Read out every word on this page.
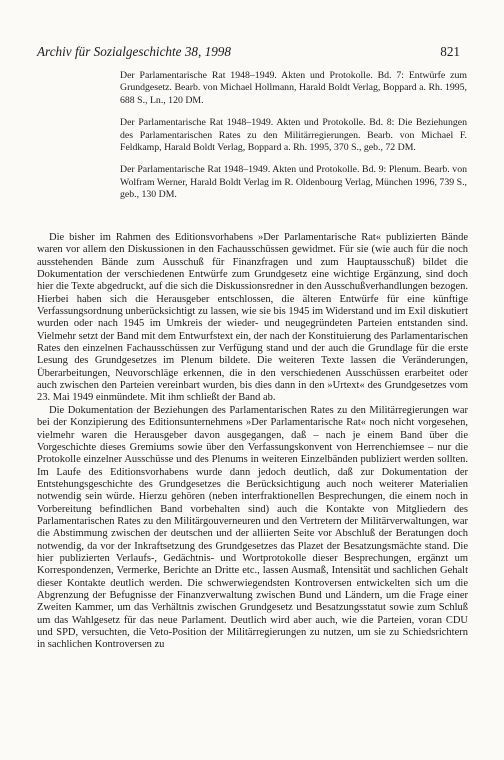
Archiv für Sozialgeschichte 38, 1998	821

Der Parlamentarische Rat 1948–1949. Akten und Protokolle. Bd. 7: Entwürfe zum Grundgesetz. Bearb. von Michael Hollmann, Harald Boldt Verlag, Boppard a. Rh. 1995, 688 S., Ln., 120 DM.

Der Parlamentarische Rat 1948–1949. Akten und Protokolle. Bd. 8: Die Beziehungen des Parlamentarischen Rates zu den Militärregierungen. Bearb. von Michael F. Feldkamp, Harald Boldt Verlag, Boppard a. Rh. 1995, 370 S., geb., 72 DM.

Der Parlamentarische Rat 1948–1949. Akten und Protokolle. Bd. 9: Plenum. Bearb. von Wolfram Werner, Harald Boldt Verlag im R. Oldenbourg Verlag, München 1996, 739 S., geb., 130 DM.

Die bisher im Rahmen des Editionsvorhabens »Der Parlamentarische Rat« publizierten Bände waren vor allem den Diskussionen in den Fachausschüssen gewidmet. Für sie (wie auch für die noch ausstehenden Bände zum Ausschuß für Finanzfragen und zum Hauptausschuß) bildet die Dokumentation der verschiedenen Entwürfe zum Grundgesetz eine wichtige Ergänzung, sind doch hier die Texte abgedruckt, auf die sich die Diskussionsredner in den Ausschußverhandlungen bezogen. Hierbei haben sich die Herausgeber entschlossen, die älteren Entwürfe für eine künftige Verfassungsordnung unberücksichtigt zu lassen, wie sie bis 1945 im Widerstand und im Exil diskutiert wurden oder nach 1945 im Umkreis der wieder- und neugegründeten Parteien entstanden sind. Vielmehr setzt der Band mit dem Entwurfstext ein, der nach der Konstituierung des Parlamentarischen Rates den einzelnen Fachausschüssen zur Verfügung stand und der auch die Grundlage für die erste Lesung des Grundgesetzes im Plenum bildete. Die weiteren Texte lassen die Veränderungen, Überarbeitungen, Neuvorschläge erkennen, die in den verschiedenen Ausschüssen erarbeitet oder auch zwischen den Parteien vereinbart wurden, bis dies dann in den »Urtext« des Grundgesetzes vom 23. Mai 1949 einmündete. Mit ihm schließt der Band ab.

Die Dokumentation der Beziehungen des Parlamentarischen Rates zu den Militärregierungen war bei der Konzipierung des Editionsunternehmens »Der Parlamentarische Rat« noch nicht vorgesehen, vielmehr waren die Herausgeber davon ausgegangen, daß – nach je einem Band über die Vorgeschichte dieses Gremiums sowie über den Verfassungskonvent von Herrenchiemsee – nur die Protokolle einzelner Ausschüsse und des Plenums in weiteren Einzelbänden publiziert werden sollten. Im Laufe des Editionsvorhabens wurde dann jedoch deutlich, daß zur Dokumentation der Entstehungsgeschichte des Grundgesetzes die Berücksichtigung auch noch weiterer Materialien notwendig sein würde. Hierzu gehören (neben interfraktionellen Besprechungen, die einem noch in Vorbereitung befindlichen Band vorbehalten sind) auch die Kontakte von Mitgliedern des Parlamentarischen Rates zu den Militärgouverneuren und den Vertretern der Militärverwaltungen, war die Abstimmung zwischen der deutschen und der alliierten Seite vor Abschluß der Beratungen doch notwendig, da vor der Inkraftsetzung des Grundgesetzes das Plazet der Besatzungsmächte stand. Die hier publizierten Verlaufs-, Gedächtnis- und Wortprotokolle dieser Besprechungen, ergänzt um Korrespondenzen, Vermerke, Berichte an Dritte etc., lassen Ausmaß, Intensität und sachlichen Gehalt dieser Kontakte deutlich werden. Die schwerwiegendsten Kontroversen entwickelten sich um die Abgrenzung der Befugnisse der Finanzverwaltung zwischen Bund und Ländern, um die Frage einer Zweiten Kammer, um das Verhältnis zwischen Grundgesetz und Besatzungsstatut sowie zum Schluß um das Wahlgesetz für das neue Parlament. Deutlich wird aber auch, wie die Parteien, voran CDU und SPD, versuchten, die Veto-Position der Militärregierungen zu nutzen, um sie zu Schiedsrichtern in sachlichen Kontroversen zu
